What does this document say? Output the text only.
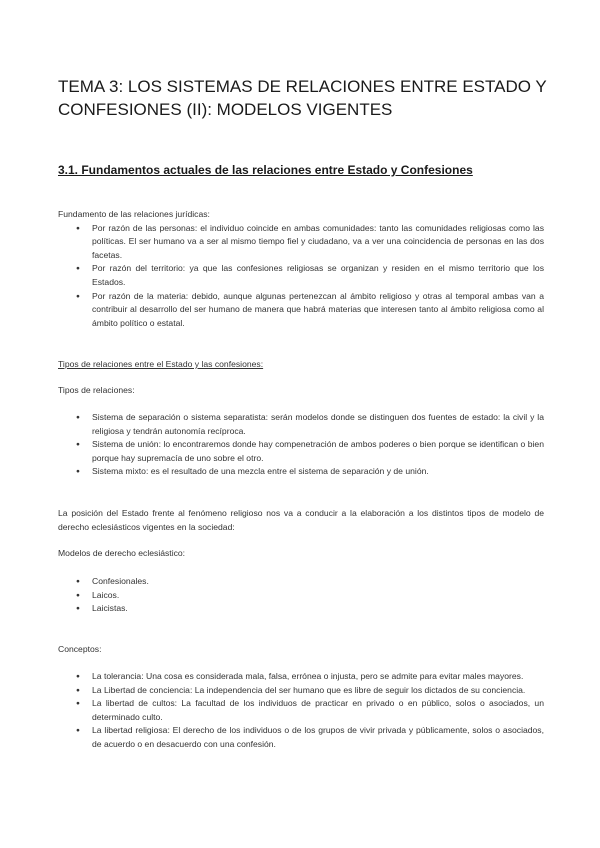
TEMA 3: LOS SISTEMAS DE RELACIONES ENTRE ESTADO Y CONFESIONES (II): MODELOS VIGENTES
3.1. Fundamentos actuales de las relaciones entre Estado y Confesiones

Fundamento de las relaciones jurídicas:

● Por razón de las personas: el individuo coincide en ambas comunidades: tanto las comunidades religiosas como las políticas. El ser humano va a ser al mismo tiempo fiel y ciudadano, va a ver una coincidencia de personas en las dos facetas.
● Por razón del territorio: ya que las confesiones religiosas se organizan y residen en el mismo territorio que los Estados.
● Por razón de la materia: debido, aunque algunas pertenezcan al ámbito religioso y otras al temporal ambas van a contribuir al desarrollo del ser humano de manera que habrá materias que interesen tanto al ámbito religiosa como al ámbito político o estatal.

Tipos de relaciones entre el Estado y las confesiones:

Tipos de relaciones:

● Sistema de separación o sistema separatista: serán modelos donde se distinguen dos fuentes de estado: la civil y la religiosa y tendrán autonomía recíproca.
● Sistema de unión: lo encontraremos donde hay compenetración de ambos poderes o bien porque se identifican o bien porque hay supremacía de uno sobre el otro.
● Sistema mixto: es el resultado de una mezcla entre el sistema de separación y de unión.

La posición del Estado frente al fenómeno religioso nos va a conducir a la elaboración a los distintos tipos de modelo de derecho eclesiásticos vigentes en la sociedad:

Modelos de derecho eclesiástico:

● Confesionales.
● Laicos.
● Laicistas.

Conceptos:

● La tolerancia: Una cosa es considerada mala, falsa, errónea o injusta, pero se admite para evitar males mayores.
● La Libertad de conciencia: La independencia del ser humano que es libre de seguir los dictados de su conciencia.
● La libertad de cultos: La facultad de los individuos de practicar en privado o en público, solos o asociados, un determinado culto.
● La libertad religiosa: El derecho de los individuos o de los grupos de vivir privada y públicamente, solos o asociados, de acuerdo o en desacuerdo con una confesión.
